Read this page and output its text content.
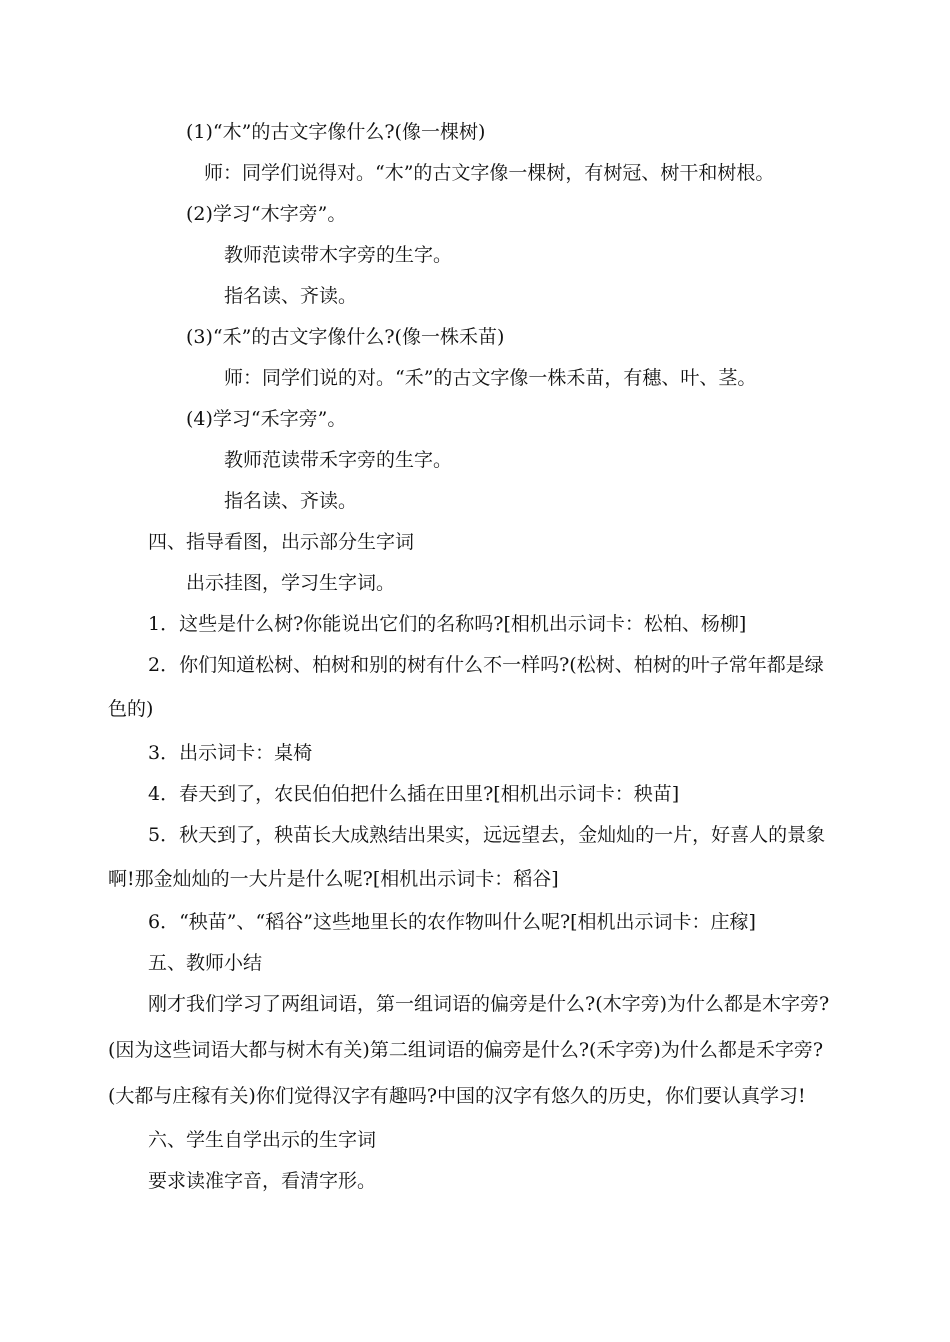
(1)“木”的古文字像什么?(像一棵树)

师：同学们说得对。“木”的古文字像一棵树，有树冠、树干和树根。

(2)学习“木字旁”。

教师范读带木字旁的生字。

指名读、齐读。

(3)“禾”的古文字像什么?(像一株禾苗)

师：同学们说的对。“禾”的古文字像一株禾苗，有穗、叶、茎。

(4)学习“禾字旁”。

教师范读带禾字旁的生字。

指名读、齐读。

四、指导看图，出示部分生字词

出示挂图，学习生字词。

1．这些是什么树?你能说出它们的名称吗?[相机出示词卡：松柏、杨柳]

2．你们知道松树、柏树和别的树有什么不一样吗?(松树、柏树的叶子常年都是绿

色的)

3．出示词卡：桌椅

4．春天到了，农民伯伯把什么插在田里?[相机出示词卡：秧苗]

5．秋天到了，秧苗长大成熟结出果实，远远望去，金灿灿的一片，好喜人的景象

啊!那金灿灿的一大片是什么呢?[相机出示词卡：稻谷]

6．“秧苗”、“稻谷”这些地里长的农作物叫什么呢?[相机出示词卡：庄稼]

五、教师小结

刚才我们学习了两组词语，第一组词语的偏旁是什么?(木字旁)为什么都是木字旁?

(因为这些词语大都与树木有关)第二组词语的偏旁是什么?(禾字旁)为什么都是禾字旁?

(大都与庄稼有关)你们觉得汉字有趣吗?中国的汉字有悠久的历史，你们要认真学习!

六、学生自学出示的生字词

要求读准字音，看清字形。
